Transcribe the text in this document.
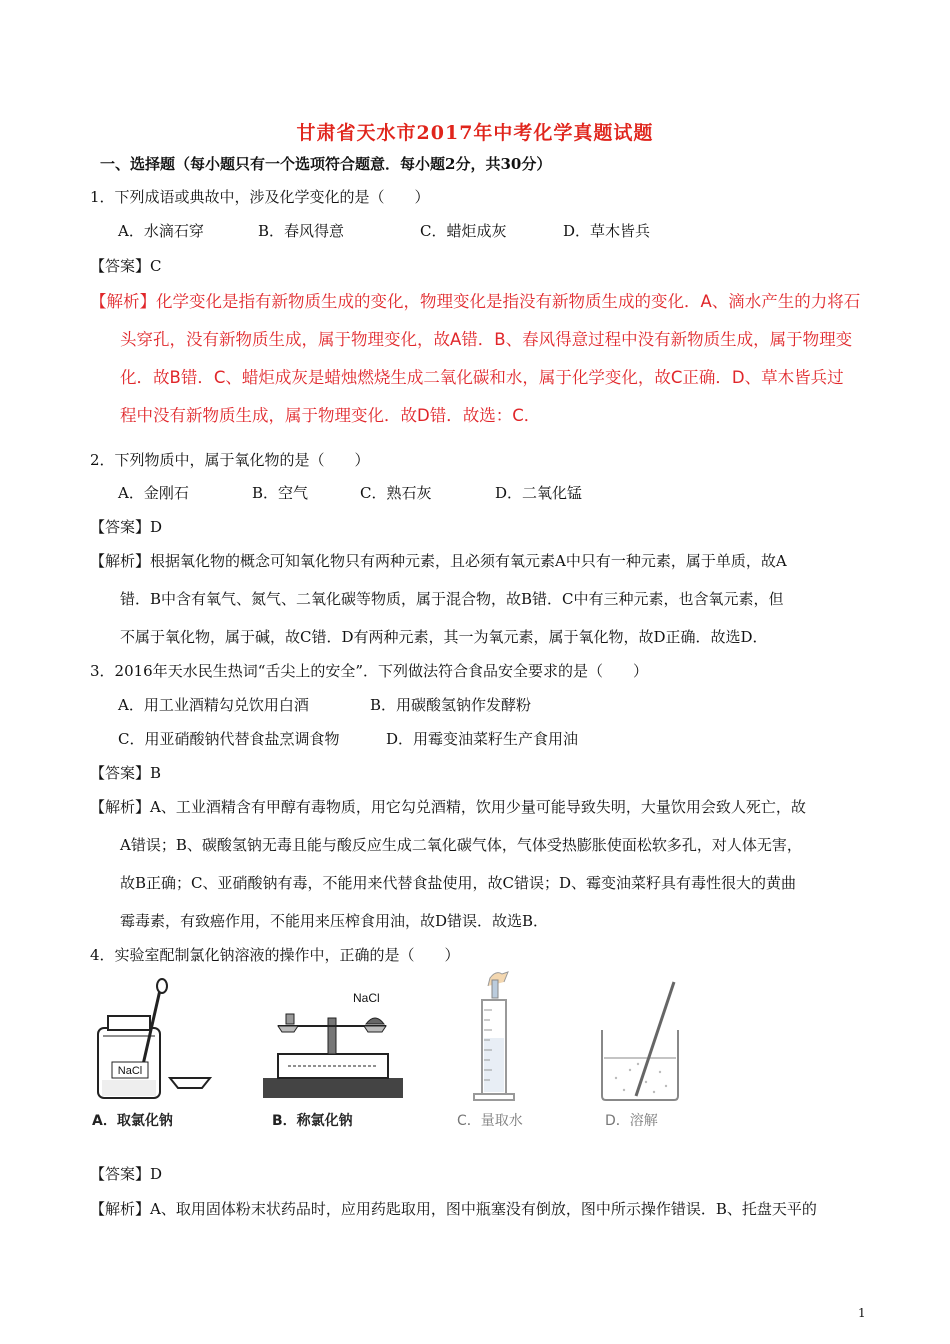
甘肃省天水市2017年中考化学真题试题
一、选择题（每小题只有一个选项符合题意．每小题2分，共30分）
1．下列成语或典故中，涉及化学变化的是（　　）
A．水滴石穿	B．春风得意	C．蜡炬成灰	D．草木皆兵
【答案】C
【解析】化学变化是指有新物质生成的变化，物理变化是指没有新物质生成的变化．A、滴水产生的力将石
头穿孔，没有新物质生成，属于物理变化，故A错．B、春风得意过程中没有新物质生成，属于物理变
化．故B错．C、蜡炬成灰是蜡烛燃烧生成二氧化碳和水，属于化学变化，故C正确．D、草木皆兵过
程中没有新物质生成，属于物理变化．故D错．故选：C．
2．下列物质中，属于氧化物的是（　　）
A．金刚石	B．空气	C．熟石灰	D．二氧化锰
【答案】D
【解析】根据氧化物的概念可知氧化物只有两种元素，且必须有氧元素A中只有一种元素，属于单质，故A
错．B中含有氧气、氮气、二氧化碳等物质，属于混合物，故B错．C中有三种元素，也含氧元素，但
不属于氧化物，属于碱，故C错．D有两种元素，其一为氧元素，属于氧化物，故D正确．故选D．
3．2016年天水民生热词“舌尖上的安全”．下列做法符合食品安全要求的是（　　）
A．用工业酒精勾兑饮用白酒	B．用碳酸氢钠作发酵粉
C．用亚硝酸钠代替食盐烹调食物	D．用霉变油菜籽生产食用油
【答案】B
【解析】A、工业酒精含有甲醇有毒物质，用它勾兑酒精，饮用少量可能导致失明，大量饮用会致人死亡，故
A错误；B、碳酸氢钠无毒且能与酸反应生成二氧化碳气体，气体受热膨胀使面松软多孔，对人体无害，
故B正确；C、亚硝酸钠有毒，不能用来代替食盐使用，故C错误；D、霉变油菜籽具有毒性很大的黄曲
霉毒素，有致癌作用，不能用来压榨食用油，故D错误．故选B．
4．实验室配制氯化钠溶液的操作中，正确的是（　　）
NaCl
NaCl
A．取氯化钠	B．称氯化钠	C．量取水	D．溶解
【答案】D
【解析】A、取用固体粉末状药品时，应用药匙取用，图中瓶塞没有倒放，图中所示操作错误．B、托盘天平的
1
